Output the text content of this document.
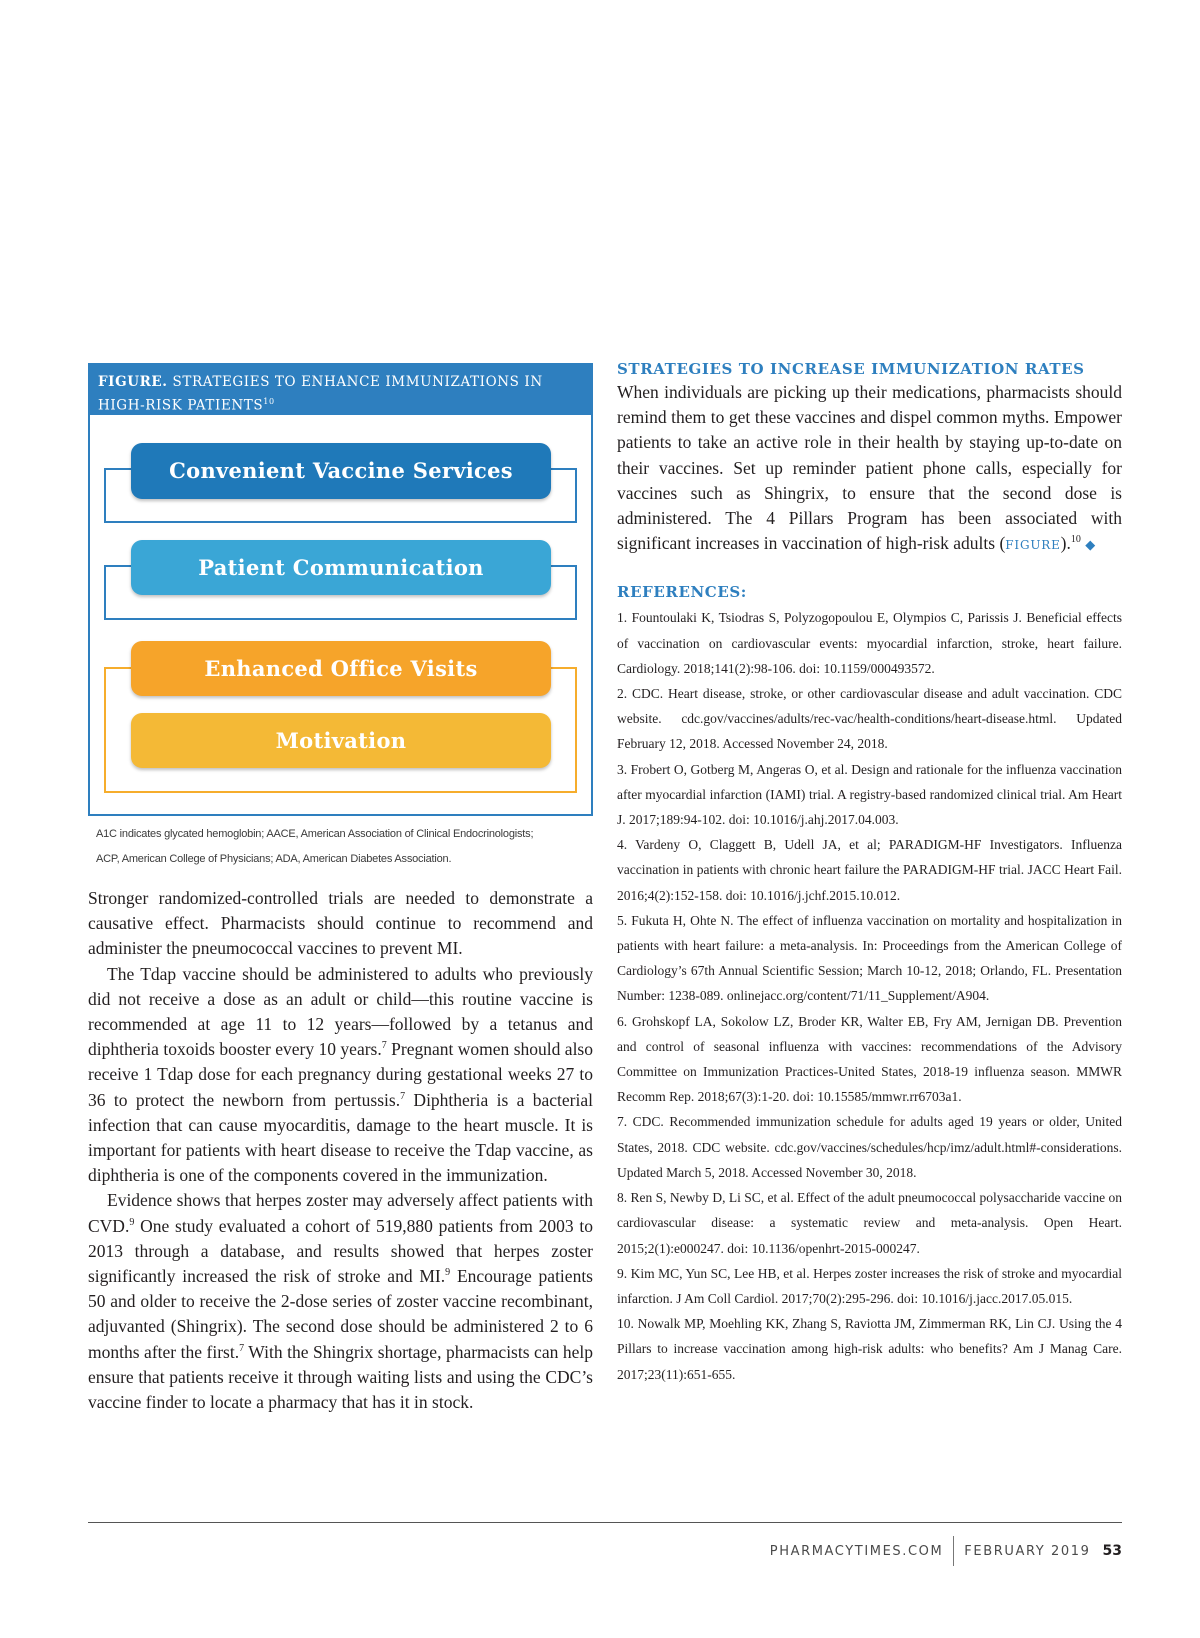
FIGURE. STRATEGIES TO ENHANCE IMMUNIZATIONS IN HIGH-RISK PATIENTS$^{10}$
Convenient Vaccine Services
Patient Communication
Enhanced Office Visits
Motivation
A1C indicates glycated hemoglobin; AACE, American Association of Clinical Endocrinologists;
ACP, American College of Physicians; ADA, American Diabetes Association.

Stronger randomized-controlled trials are needed to demonstrate a causative effect. Pharmacists should continue to recommend and administer the pneumococcal vaccines to prevent MI.

The Tdap vaccine should be administered to adults who previously did not receive a dose as an adult or child—this routine vaccine is recommended at age 11 to 12 years—followed by a tetanus and diphtheria toxoids booster every 10 years.$^7$ Pregnant women should also receive 1 Tdap dose for each pregnancy during gestational weeks 27 to 36 to protect the newborn from pertussis.$^7$ Diphtheria is a bacterial infection that can cause myocarditis, damage to the heart muscle. It is important for patients with heart disease to receive the Tdap vaccine, as diphtheria is one of the components covered in the immunization.

Evidence shows that herpes zoster may adversely affect patients with CVD.$^9$ One study evaluated a cohort of 519,880 patients from 2003 to 2013 through a database, and results showed that herpes zoster significantly increased the risk of stroke and MI.$^9$ Encourage patients 50 and older to receive the 2-dose series of zoster vaccine recombinant, adjuvanted (Shingrix). The second dose should be administered 2 to 6 months after the first.$^7$ With the Shingrix shortage, pharmacists can help ensure that patients receive it through waiting lists and using the CDC’s vaccine finder to locate a pharmacy that has it in stock.

STRATEGIES TO INCREASE IMMUNIZATION RATES

When individuals are picking up their medications, pharmacists should remind them to get these vaccines and dispel common myths. Empower patients to take an active role in their health by staying up-to-date on their vaccines. Set up reminder patient phone calls, especially for vaccines such as Shingrix, to ensure that the second dose is administered. The 4 Pillars Program has been associated with significant increases in vaccination of high-risk adults (FIGURE).$^{10}$ ◆

REFERENCES:
1. Fountoulaki K, Tsiodras S, Polyzogopoulou E, Olympios C, Parissis J. Beneficial effects of vaccination on cardiovascular events: myocardial infarction, stroke, heart failure. Cardiology. 2018;141(2):98-106. doi: 10.1159/000493572.
2. CDC. Heart disease, stroke, or other cardiovascular disease and adult vaccination. CDC website. cdc.gov/vaccines/adults/rec-vac/health-conditions/heart-disease.html. Updated February 12, 2018. Accessed November 24, 2018.
3. Frobert O, Gotberg M, Angeras O, et al. Design and rationale for the influenza vaccination after myocardial infarction (IAMI) trial. A registry-based randomized clinical trial. Am Heart J. 2017;189:94-102. doi: 10.1016/j.ahj.2017.04.003.
4. Vardeny O, Claggett B, Udell JA, et al; PARADIGM-HF Investigators. Influenza vaccination in patients with chronic heart failure the PARADIGM-HF trial. JACC Heart Fail. 2016;4(2):152-158. doi: 10.1016/j.jchf.2015.10.012.
5. Fukuta H, Ohte N. The effect of influenza vaccination on mortality and hospitalization in patients with heart failure: a meta-analysis. In: Proceedings from the American College of Cardiology’s 67th Annual Scientific Session; March 10-12, 2018; Orlando, FL. Presentation Number: 1238-089. onlinejacc.org/content/71/11_Supplement/A904.
6. Grohskopf LA, Sokolow LZ, Broder KR, Walter EB, Fry AM, Jernigan DB. Prevention and control of seasonal influenza with vaccines: recommendations of the Advisory Committee on Immunization Practices-United States, 2018-19 influenza season. MMWR Recomm Rep. 2018;67(3):1-20. doi: 10.15585/mmwr.rr6703a1.
7. CDC. Recommended immunization schedule for adults aged 19 years or older, United States, 2018. CDC website. cdc.gov/vaccines/schedules/hcp/imz/adult.html#-considerations. Updated March 5, 2018. Accessed November 30, 2018.
8. Ren S, Newby D, Li SC, et al. Effect of the adult pneumococcal polysaccharide vaccine on cardiovascular disease: a systematic review and meta-analysis. Open Heart. 2015;2(1):e000247. doi: 10.1136/openhrt-2015-000247.
9. Kim MC, Yun SC, Lee HB, et al. Herpes zoster increases the risk of stroke and myocardial infarction. J Am Coll Cardiol. 2017;70(2):295-296. doi: 10.1016/j.jacc.2017.05.015.
10. Nowalk MP, Moehling KK, Zhang S, Raviotta JM, Zimmerman RK, Lin CJ. Using the 4 Pillars to increase vaccination among high-risk adults: who benefits? Am J Manag Care. 2017;23(11):651-655.
PHARMACYTIMES.COM FEBRUARY 2019 53
